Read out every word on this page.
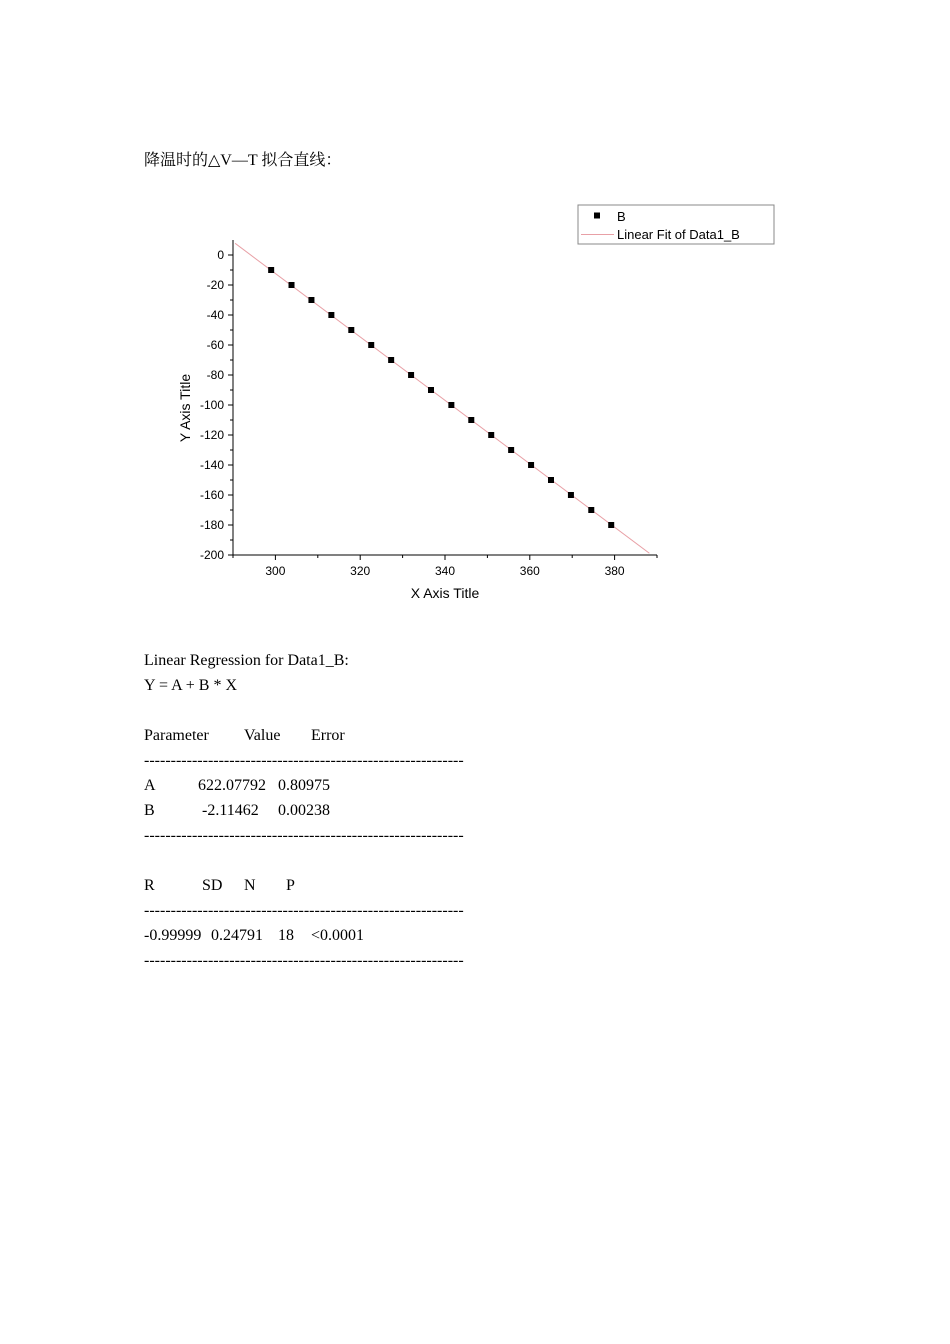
降温时的△V—T 拟合直线：
0
-20
-40
-60
-80
-100
-120
-140
-160
-180
-200
300	320	340	360	380
B
Linear Fit of Data1_B
X Axis Title
Y Axis Title
Linear Regression for Data1_B:
Y = A + B * X
Parameter Value Error
------------------------------------------------------------
A	622.07792 0.80975
B	-2.11462 0.00238
------------------------------------------------------------
R	SD N P
------------------------------------------------------------
-0.99999 0.24791 18 <0.0001
------------------------------------------------------------
